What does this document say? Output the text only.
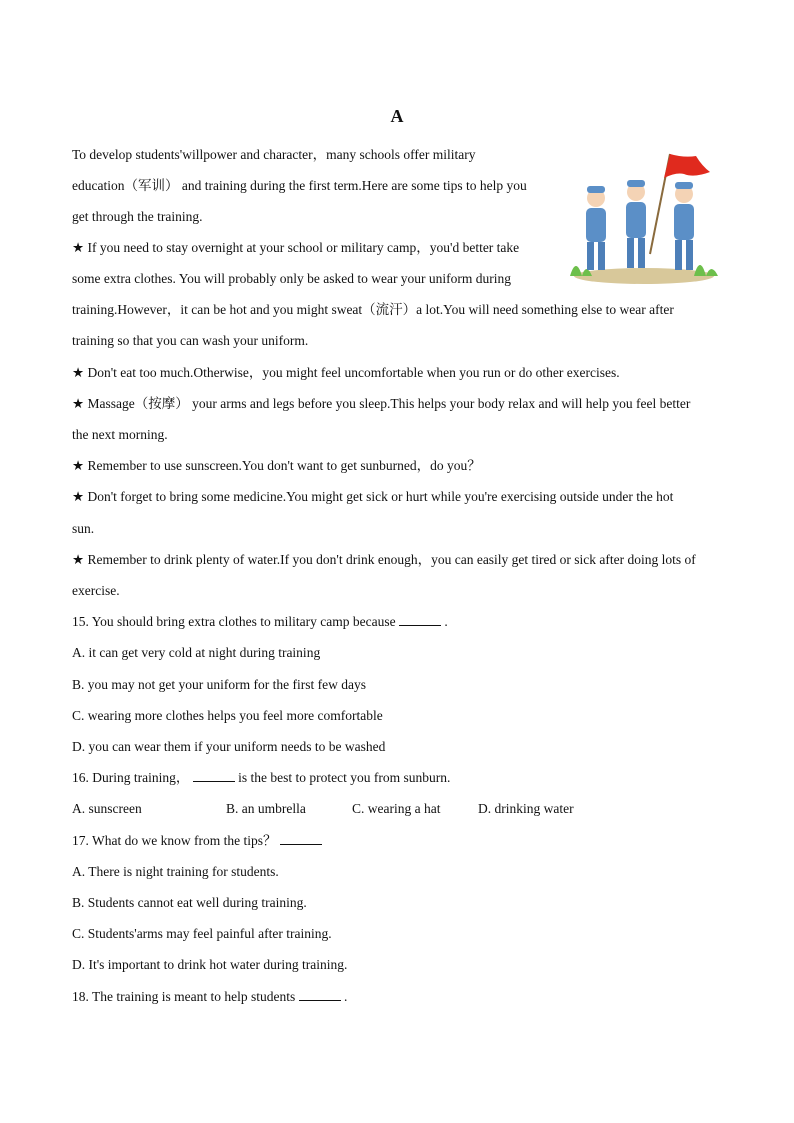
A
To develop students'willpower and character，many schools offer military
education（军训） and training during the first term.Here are some tips to help you
get through the training.
★ If you need to stay overnight at your school or military camp，you'd better take
some extra clothes. You will probably only be asked to wear your uniform during
training.However，it can be hot and you might sweat（流汗）a lot.You will need something else to wear after
training so that you can wash your uniform.
★ Don't eat too much.Otherwise，you might feel uncomfortable when you run or do other exercises.
★ Massage（按摩） your arms and legs before you sleep.This helps your body relax and will help you feel better
the next morning.
★ Remember to use sunscreen.You don't want to get sunburned，do you？
★ Don't forget to bring some medicine.You might get sick or hurt while you're exercising outside under the hot
sun.
★ Remember to drink plenty of water.If you don't drink enough，you can easily get tired or sick after doing lots of
exercise.
15. You should bring extra clothes to military camp because	.
A. it can get very cold at night during training
B. you may not get your uniform for the first few days
C. wearing more clothes helps you feel more comfortable
D. you can wear them if your uniform needs to be washed
16. During training，	is the best to protect you from sunburn.
A. sunscreen	B. an umbrella	C. wearing a hat	D. drinking water
17. What do we know from the tips？
A. There is night training for students.
B. Students cannot eat well during training.
C. Students'arms may feel painful after training.
D. It's important to drink hot water during training.
18. The training is meant to help students	.
